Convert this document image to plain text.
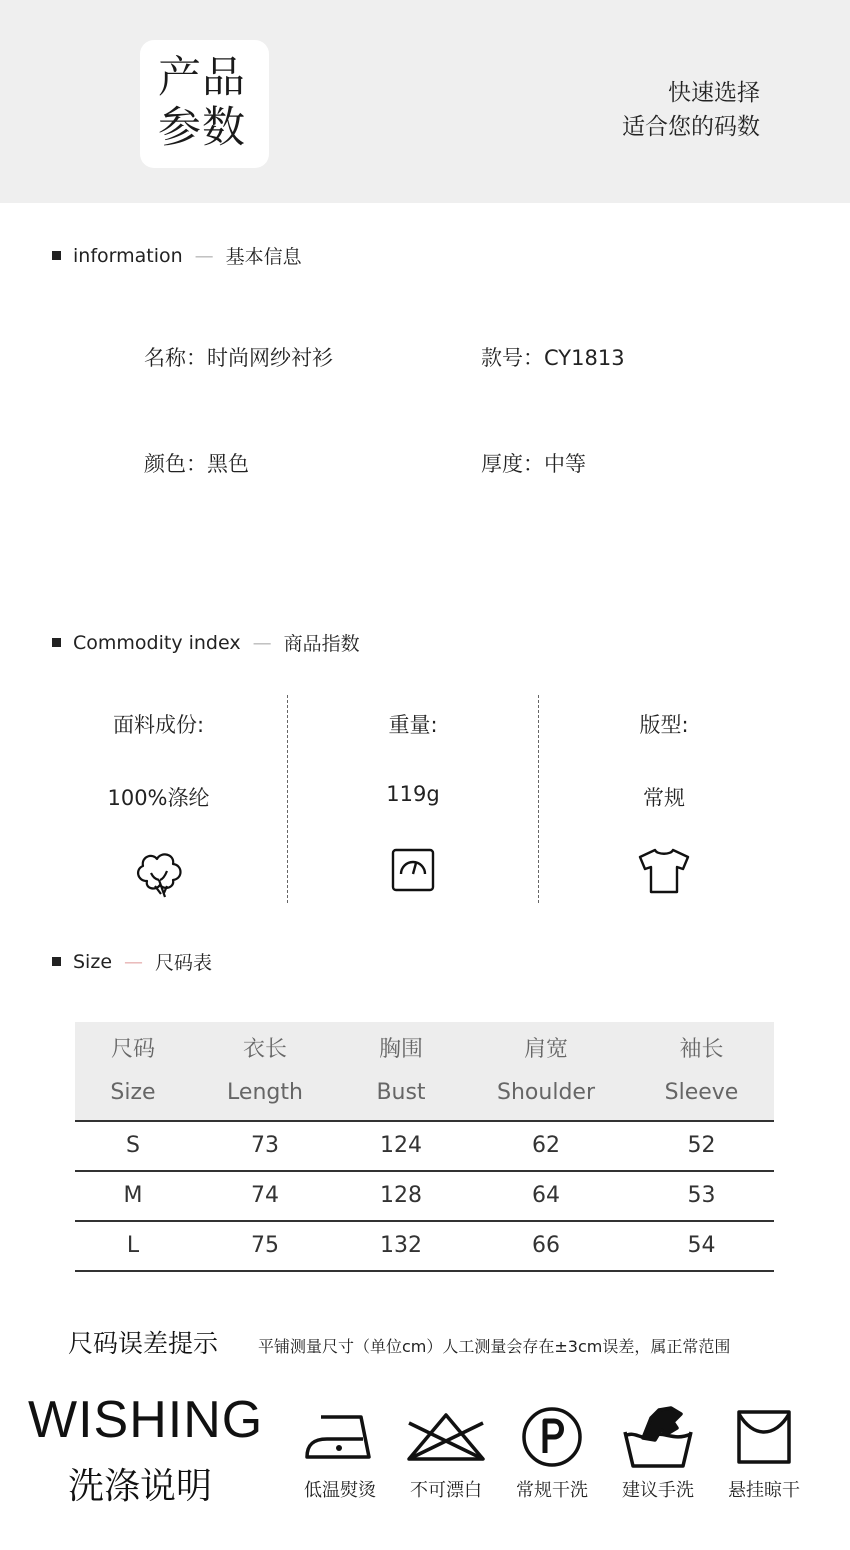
产品
参数
快速选择
适合您的码数
information — 基本信息
名称：时尚网纱衬衫	款号：CY1813
颜色：黑色	厚度：中等
Commodity index — 商品指数
面料成份:
100%涤纶
重量:
119g
版型:
常规
Size — 尺码表
尺码	衣长	胸围	肩宽	袖长
Size	Length	Bust	Shoulder	Sleeve
S	73	124	62	52
M	74	128	64	53
L	75	132	66	54
尺码误差提示 平铺测量尺寸（单位cm）人工测量会存在±3cm误差，属正常范围
WISHING
洗涤说明	低温熨烫	不可漂白	常规干洗	建议手洗	悬挂晾干
